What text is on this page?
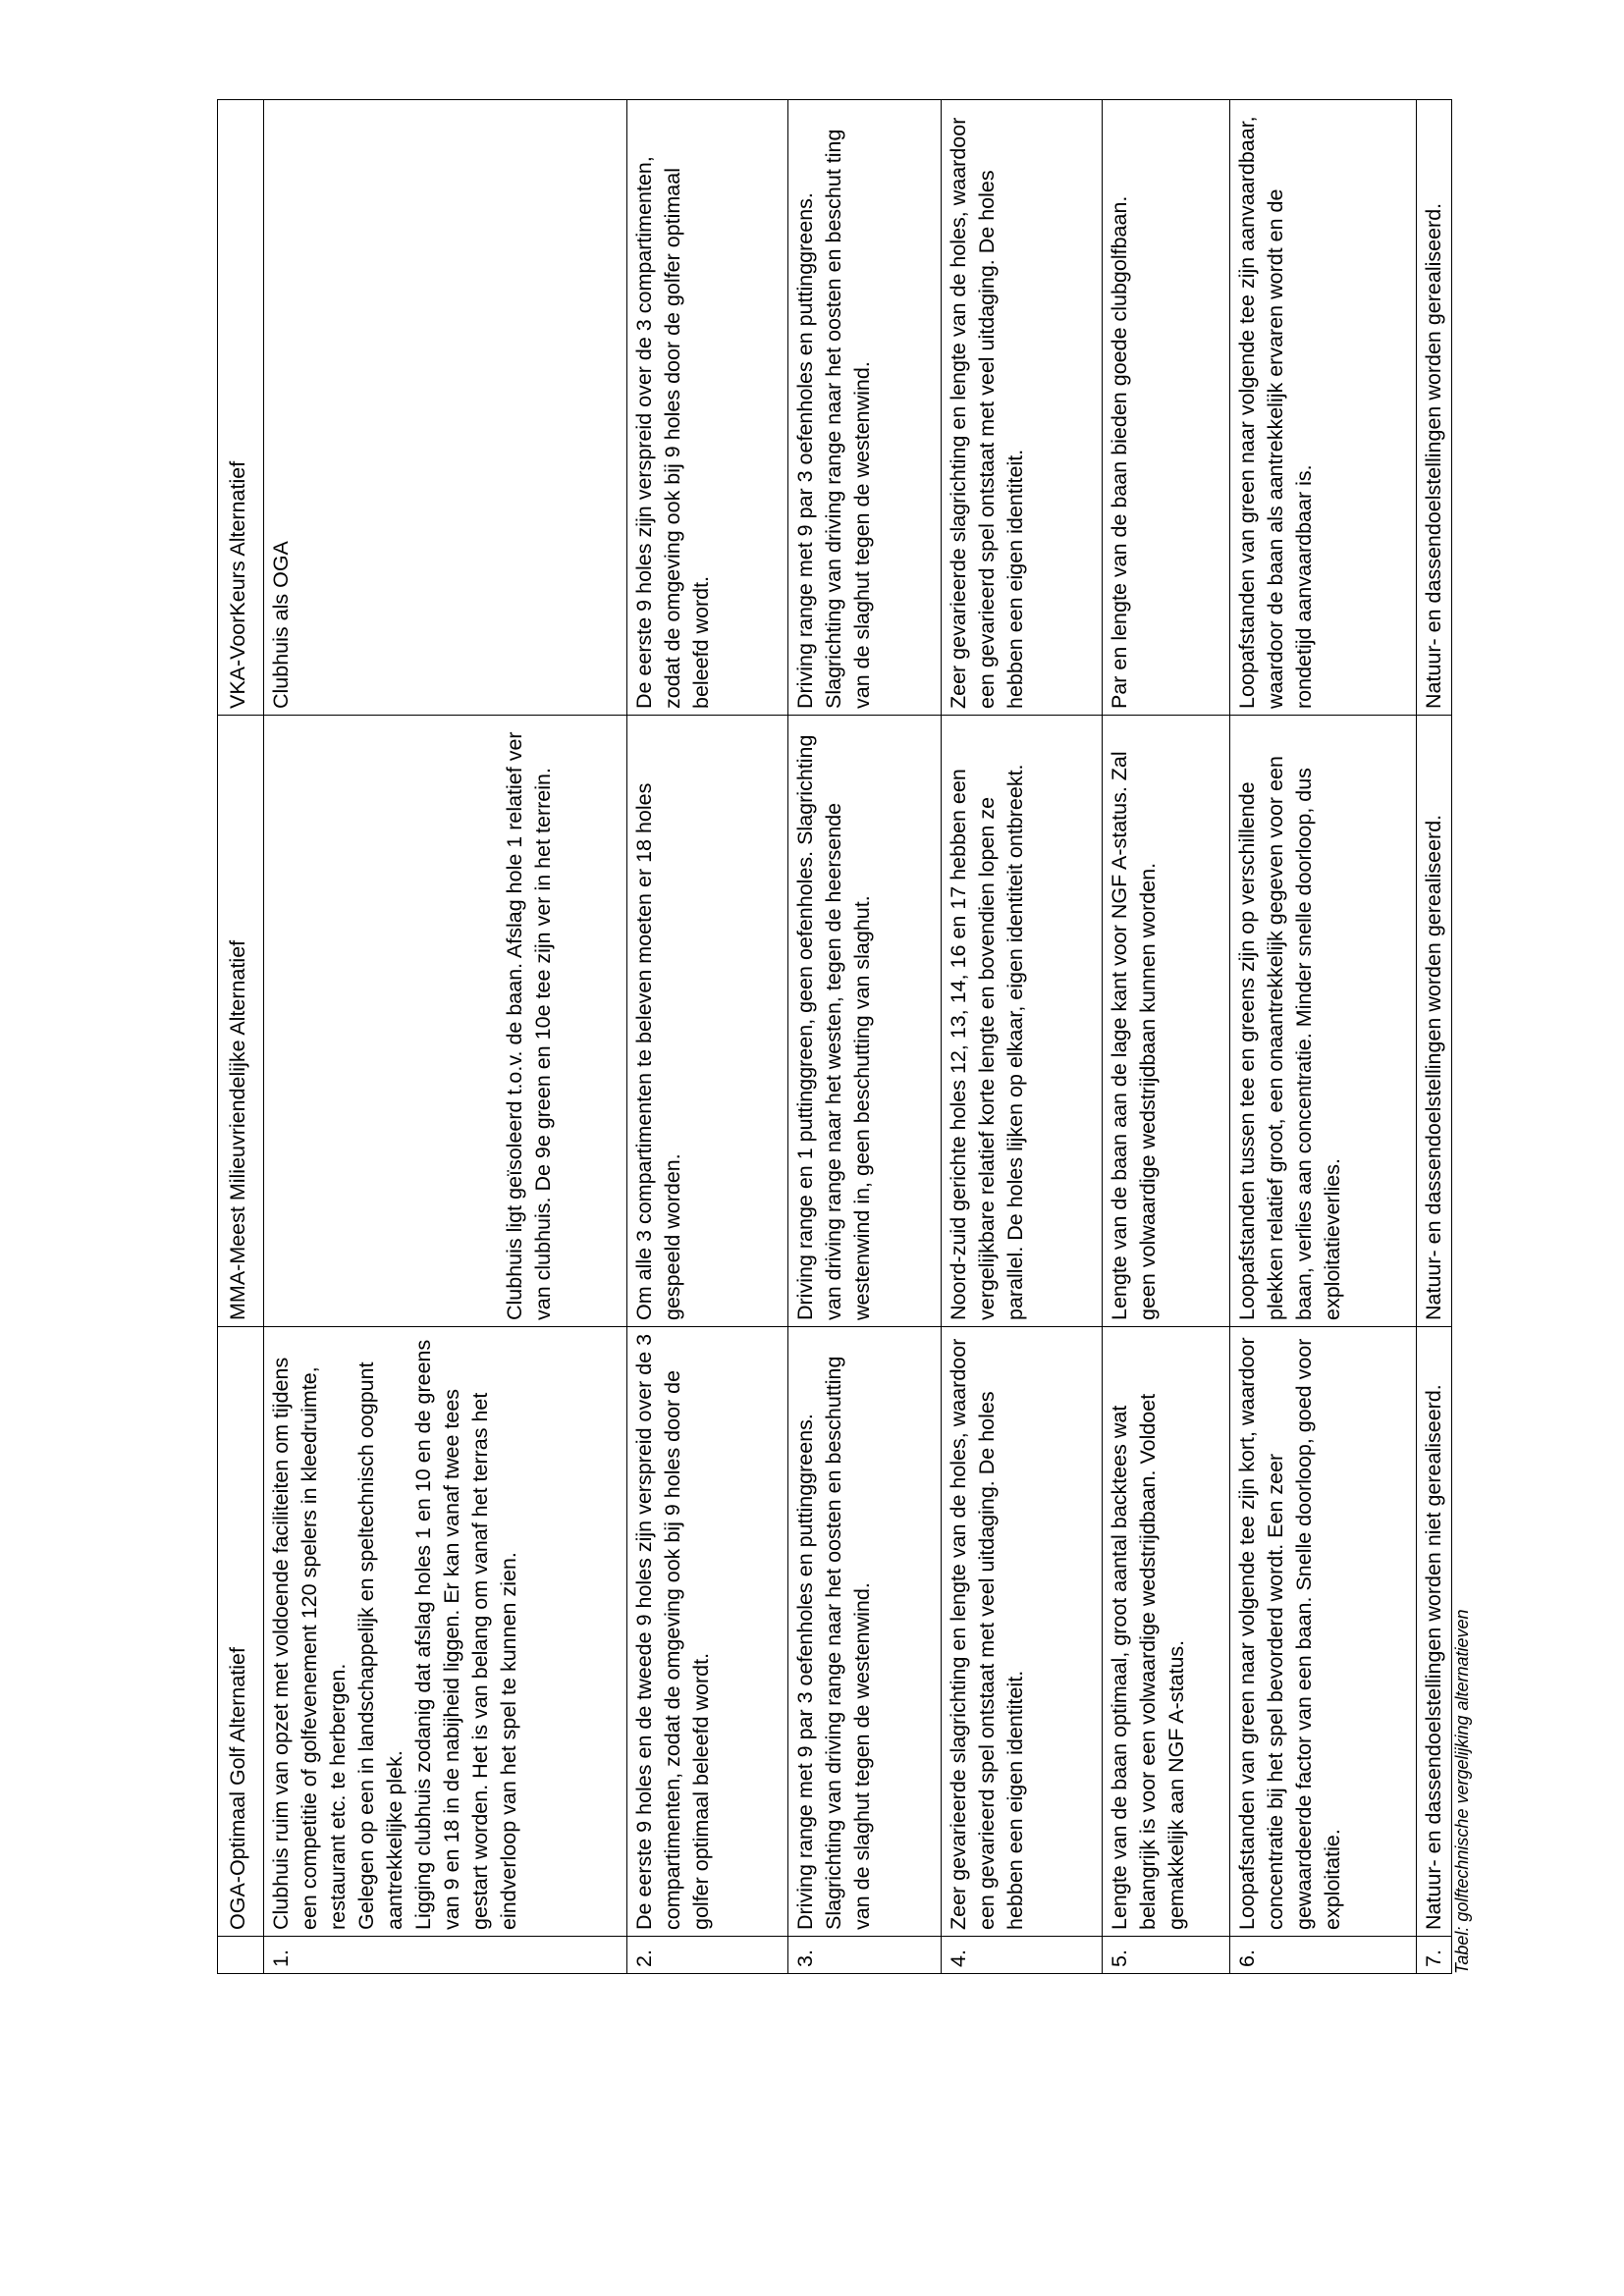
	OGA-Optimaal Golf Alternatief	MMA-Meest Milieuvriendelijke Alternatief	VKA-VoorKeurs Alternatief
1.	Clubhuis ruim van opzet met voldoende faciliteiten om tijdens een competitie of golfevenement 120 spelers in kleedruimte, restaurant etc. te herbergen. Gelegen op een in landschappelijk en speltechnisch oogpunt aantrekkelijke plek. Ligging clubhuis zodanig dat afslag holes 1 en 10 en de greens van 9 en 18 in de nabijheid liggen. Er kan vanaf twee tees gestart worden. Het is van belang om vanaf het terras het eindverloop van het spel te kunnen zien.	Clubhuis ligt geïsoleerd t.o.v. de baan. Afslag hole 1 relatief ver van clubhuis. De 9e green en 10e tee zijn ver in het terrein.	Clubhuis als OGA
2.	De eerste 9 holes en de tweede 9 holes zijn verspreid over de 3 compartimenten, zodat de omgeving ook bij 9 holes door de golfer optimaal beleefd wordt.	Om alle 3 compartimenten te beleven moeten er 18 holes gespeeld worden.	De eerste 9 holes zijn verspreid over de 3 compartimenten, zodat de omgeving ook bij 9 holes door de golfer optimaal beleefd wordt.
3.	Driving range met 9 par 3 oefenholes en puttinggreens. Slagrichting van driving range naar het oosten en beschutting van de slaghut tegen de westenwind.	Driving range en 1 puttinggreen, geen oefenholes. Slagrichting van driving range naar het westen, tegen de heersende westenwind in, geen beschutting van slaghut.	Driving range met 9 par 3 oefenholes en puttinggreens. Slagrichting van driving range naar het oosten en beschut ting van de slaghut tegen de westenwind.
4.	Zeer gevarieerde slagrichting en lengte van de holes, waardoor een gevarieerd spel ontstaat met veel uitdaging. De holes hebben een eigen identiteit.	Noord-zuid gerichte holes 12, 13, 14, 16 en 17 hebben een vergelijkbare relatief korte lengte en bovendien lopen ze parallel. De holes lijken op elkaar, eigen identiteit ontbreekt.	Zeer gevarieerde slagrichting en lengte van de holes, waardoor een gevarieerd spel ontstaat met veel uitdaging. De holes hebben een eigen identiteit.
5.	Lengte van de baan optimaal, groot aantal backtees wat belangrijk is voor een volwaardige wedstrijdbaan. Voldoet gemakkelijk aan NGF A-status.	Lengte van de baan aan de lage kant voor NGF A-status. Zal geen volwaardige wedstrijdbaan kunnen worden.	Par en lengte van de baan bieden goede clubgolfbaan.
6.	Loopafstanden van green naar volgende tee zijn kort, waardoor concentratie bij het spel bevorderd wordt. Een zeer gewaardeerde factor van een baan. Snelle doorloop, goed voor exploitatie.	Loopafstanden tussen tee en greens zijn op verschillende plekken relatief groot, een onaantrekkelijk gegeven voor een baan, verlies aan concentratie. Minder snelle doorloop, dus exploitatieverlies.	Loopafstanden van green naar volgende tee zijn aanvaardbaar, waardoor de baan als aantrekkelijk ervaren wordt en de rondetijd aanvaardbaar is.
7.	Natuur- en dassendoelstellingen worden niet gerealiseerd.	Natuur- en dassendoelstellingen worden gerealiseerd.	Natuur- en dassendoelstellingen worden gerealiseerd.
Tabel: golftechnische vergelijking alternatieven
